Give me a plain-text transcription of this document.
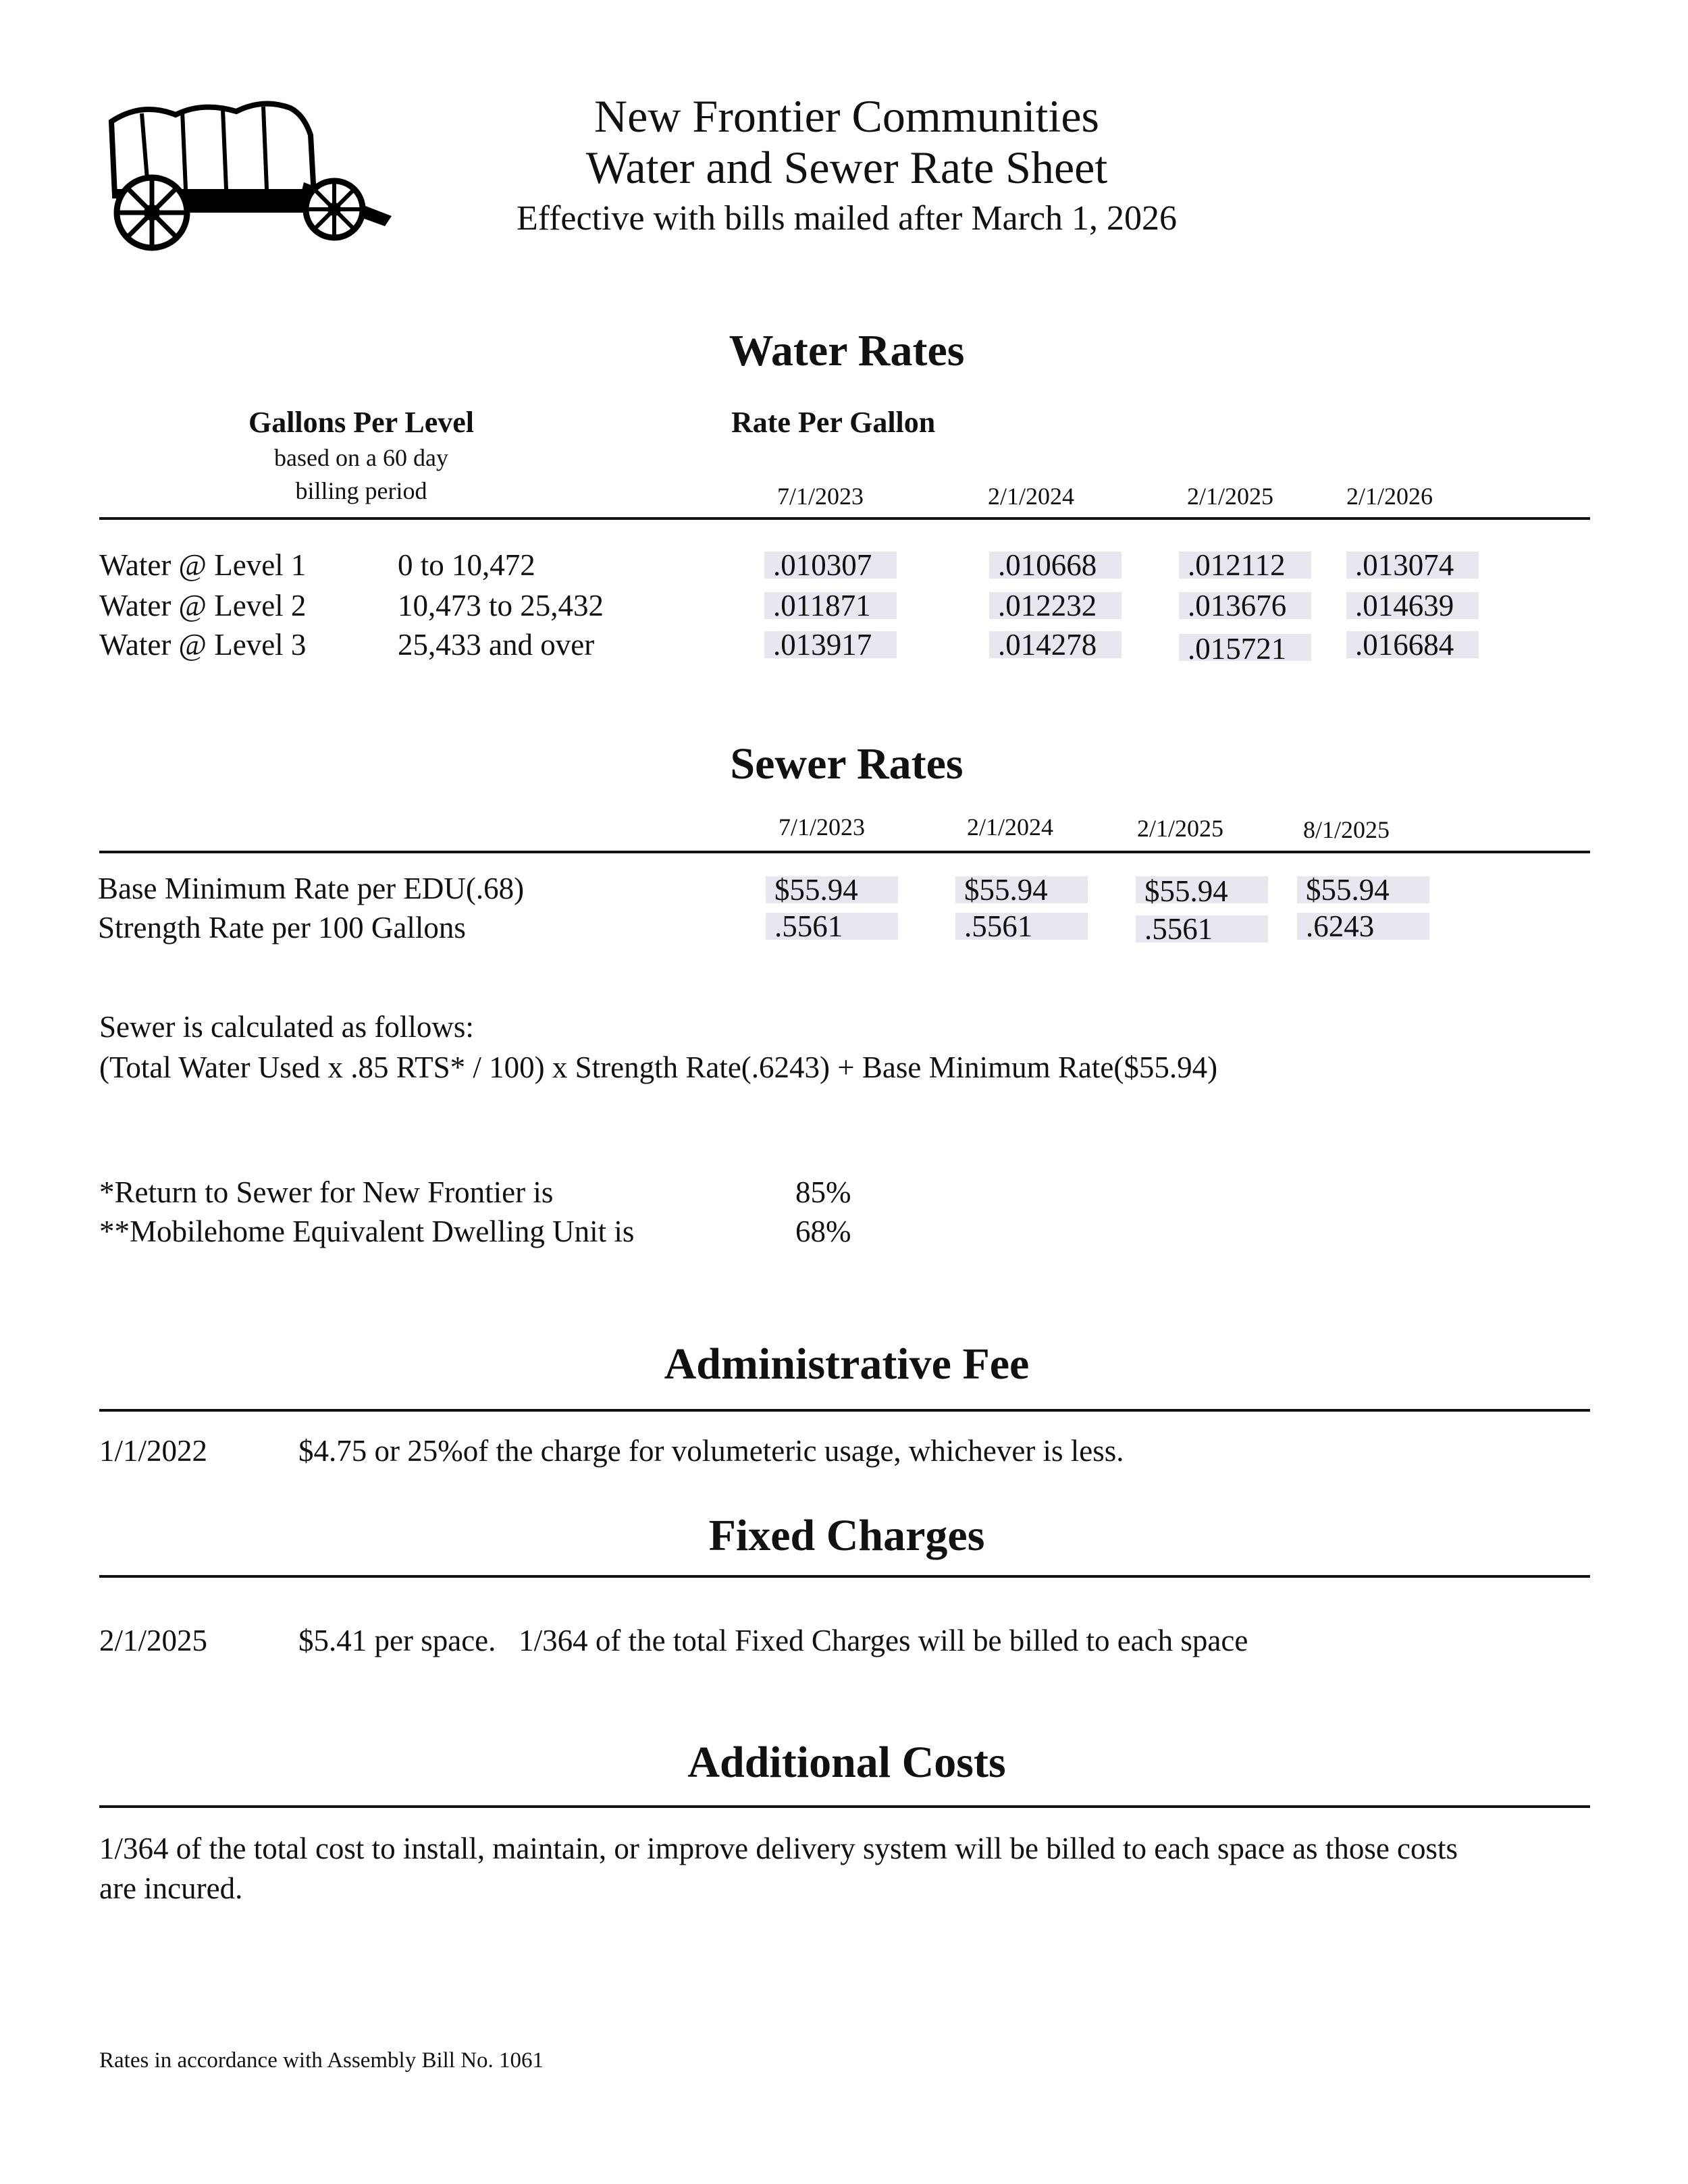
New Frontier Communities
Water and Sewer Rate Sheet
Effective with bills mailed after March 1, 2026
Water Rates
Gallons Per Level	Rate Per Gallon
based on a 60 day
billing period	7/1/2023	2/1/2024	2/1/2025	2/1/2026
Water @ Level 1	0 to 10,472	.010307	.010668	.012112 .013074
Water @ Level 2	10,473 to 25,432	.011871	.012232	.013676 .014639
Water @ Level 3	25,433 and over	.013917	.014278	.015721 .016684
Sewer Rates
7/1/2023	2/1/2024	2/1/2025	8/1/2025
Base Minimum Rate per EDU(.68)	$55.94	$55.94	$55.94	$55.94
Strength Rate per 100 Gallons	.5561	.5561	.5561	.6243
Sewer is calculated as follows:
(Total Water Used x .85 RTS* / 100) x Strength Rate(.6243) + Base Minimum Rate($55.94)
*Return to Sewer for New Frontier is	85%
**Mobilehome Equivalent Dwelling Unit is	68%
Administrative Fee
1/1/2022	$4.75 or 25%of the charge for volumeteric usage, whichever is less.
Fixed Charges
2/1/2025	$5.41 per space.   1/364 of the total Fixed Charges will be billed to each space
Additional Costs
1/364 of the total cost to install, maintain, or improve delivery system will be billed to each space as those costs
are incured.
Rates in accordance with Assembly Bill No. 1061
